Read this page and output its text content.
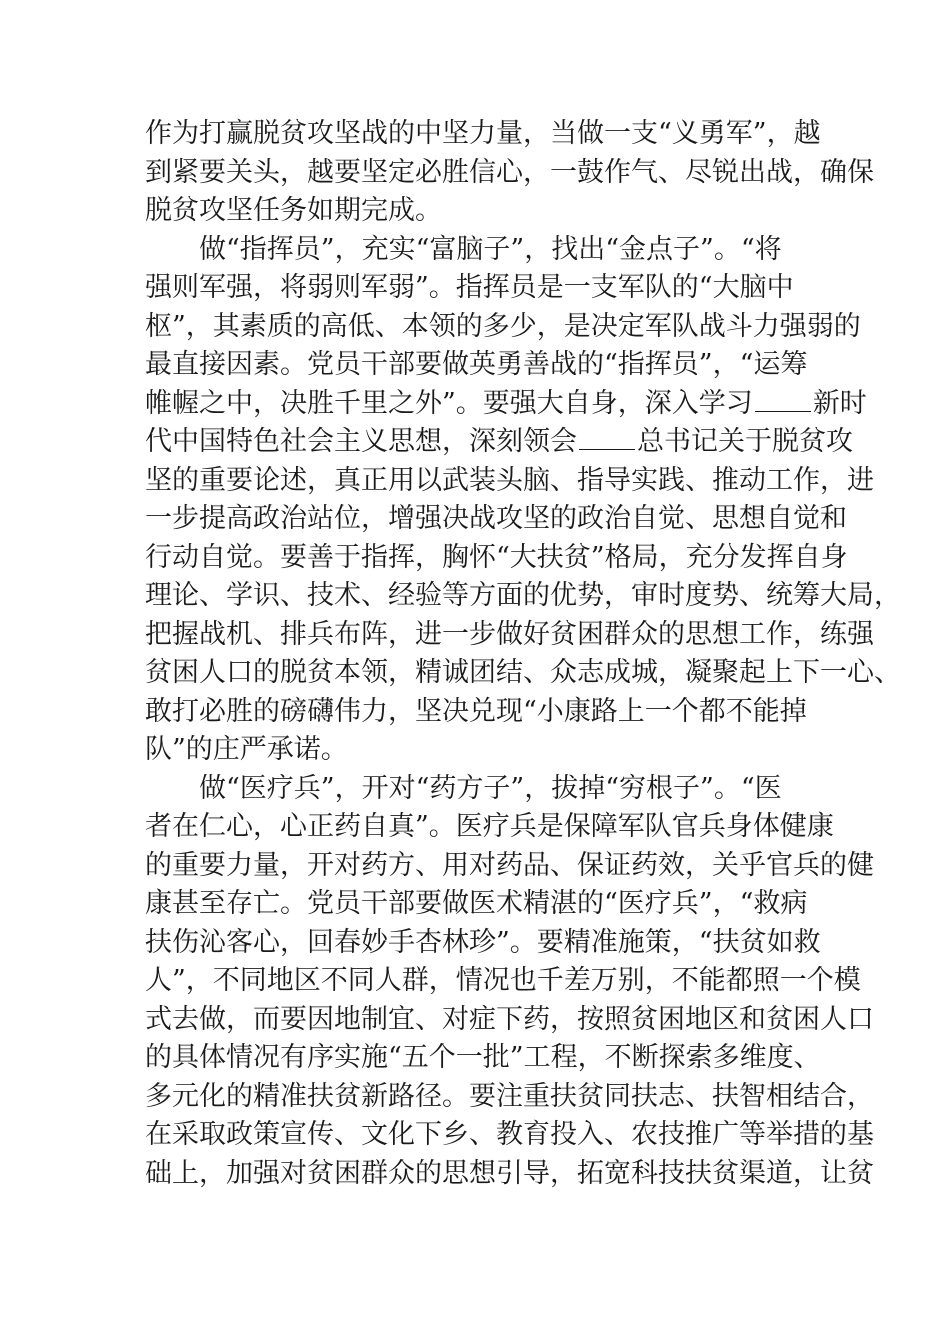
作为打赢脱贫攻坚战的中坚力量，当做一支“义勇军”，越
到紧要关头，越要坚定必胜信心，一鼓作气、尽锐出战，确保
脱贫攻坚任务如期完成。
做“指挥员”，充实“富脑子”，找出“金点子”。“将
强则军强，将弱则军弱”。指挥员是一支军队的“大脑中
枢”，其素质的高低、本领的多少，是决定军队战斗力强弱的
最直接因素。党员干部要做英勇善战的“指挥员”，“运筹
帷幄之中，决胜千里之外”。要强大自身，深入学习 新时
代中国特色社会主义思想，深刻领会 总书记关于脱贫攻
坚的重要论述，真正用以武装头脑、指导实践、推动工作，进
一步提高政治站位，增强决战攻坚的政治自觉、思想自觉和
行动自觉。要善于指挥，胸怀“大扶贫”格局，充分发挥自身
理论、学识、技术、经验等方面的优势，审时度势、统筹大局，
把握战机、排兵布阵，进一步做好贫困群众的思想工作，练强
贫困人口的脱贫本领，精诚团结、众志成城，凝聚起上下一心、
敢打必胜的磅礴伟力，坚决兑现“小康路上一个都不能掉
队”的庄严承诺。
做“医疗兵”，开对“药方子”，拔掉“穷根子”。“医
者在仁心，心正药自真”。医疗兵是保障军队官兵身体健康
的重要力量，开对药方、用对药品、保证药效，关乎官兵的健
康甚至存亡。党员干部要做医术精湛的“医疗兵”，“救病
扶伤沁客心，回春妙手杏林珍”。要精准施策，“扶贫如救
人”，不同地区不同人群，情况也千差万别，不能都照一个模
式去做，而要因地制宜、对症下药，按照贫困地区和贫困人口
的具体情况有序实施“五个一批”工程，不断探索多维度、
多元化的精准扶贫新路径。要注重扶贫同扶志、扶智相结合，
在采取政策宣传、文化下乡、教育投入、农技推广等举措的基
础上，加强对贫困群众的思想引导，拓宽科技扶贫渠道，让贫
